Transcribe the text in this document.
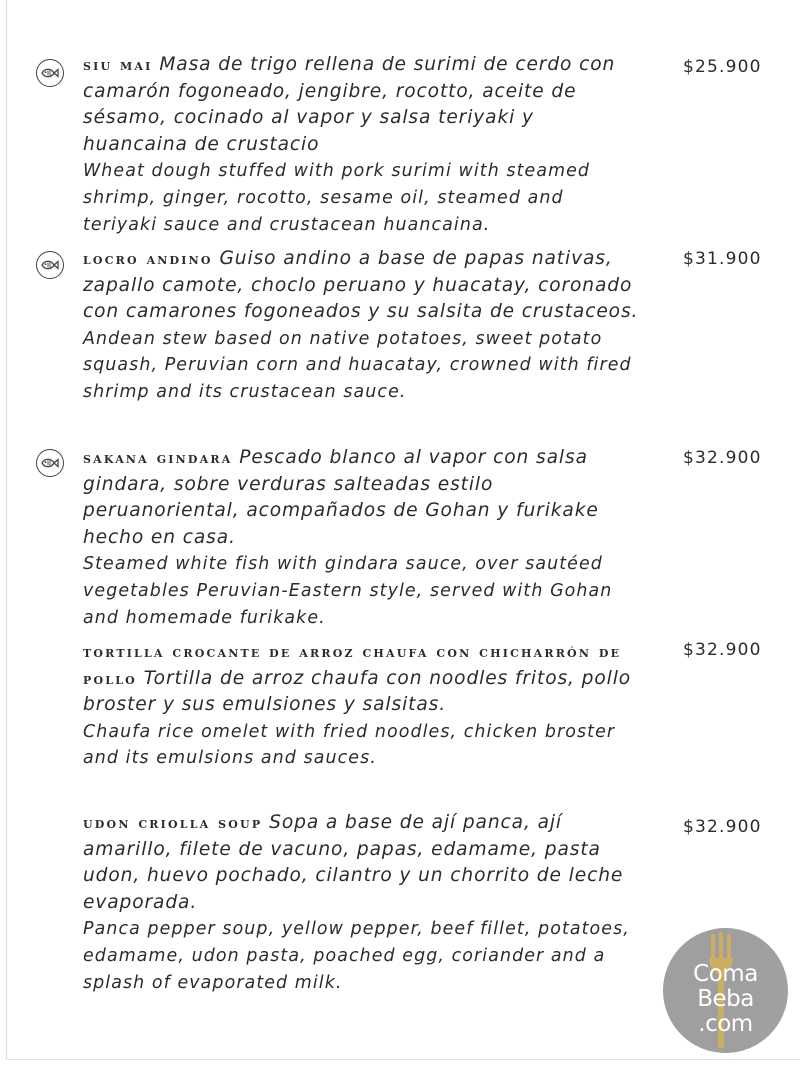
siu mai Masa de trigo rellena de surimi de cerdo con camarón fogoneado, jengibre, rocotto, aceite de sésamo, cocinado al vapor y salsa teriyaki y huancaina de crustacio

Wheat dough stuffed with pork surimi with steamed shrimp, ginger, rocotto, sesame oil, steamed and teriyaki sauce and crustacean huancaina.

$25.900

locro andino Guiso andino a base de papas nativas, zapallo camote, choclo peruano y huacatay, coronado con camarones fogoneados y su salsita de crustaceos.

Andean stew based on native potatoes, sweet potato squash, Peruvian corn and huacatay, crowned with fired shrimp and its crustacean sauce.

$31.900

sakana gindara Pescado blanco al vapor con salsa gindara, sobre verduras salteadas estilo peruanoriental, acompañados de Gohan y furikake hecho en casa.

Steamed white fish with gindara sauce, over sautéed vegetables Peruvian-Eastern style, served with Gohan and homemade furikake.

$32.900

tortilla crocante de arroz chaufa con chicharrón de pollo Tortilla de arroz chaufa con noodles fritos, pollo broster y sus emulsiones y salsitas.

Chaufa rice omelet with fried noodles, chicken broster and its emulsions and sauces.

$32.900

udon criolla soup Sopa a base de ají panca, ají amarillo, filete de vacuno, papas, edamame, pasta udon, huevo pochado, cilantro y un chorrito de leche evaporada.

Panca pepper soup, yellow pepper, beef fillet, potatoes, edamame, udon pasta, poached egg, coriander and a splash of evaporated milk.

$32.900
Coma
Beba
.com
